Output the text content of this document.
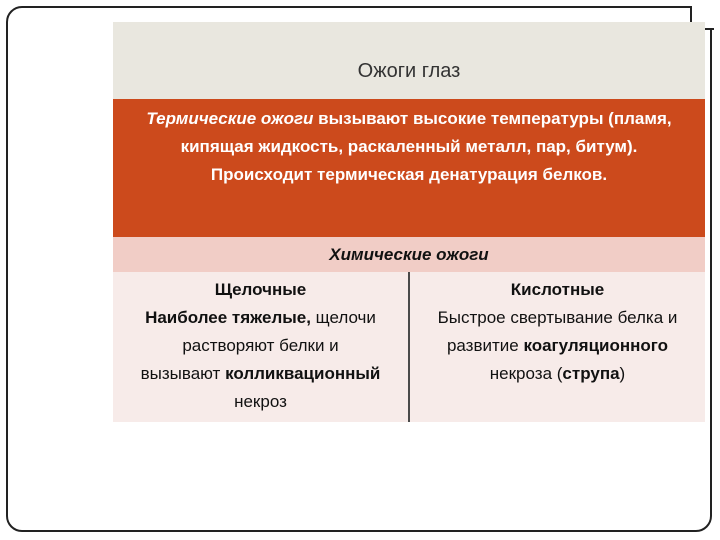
Ожоги глаз
Термические ожоги вызывают высокие температуры (пламя,
кипящая жидкость, раскаленный металл, пар, битум).
Происходит термическая денатурация белков.
Химические ожоги
Щелочные
Наиболее тяжелые, щелочи
растворяют белки и
вызывают колликвационный
некроз
Кислотные
Быстрое свертывание белка и
развитие коагуляционного
некроза (струпа)
